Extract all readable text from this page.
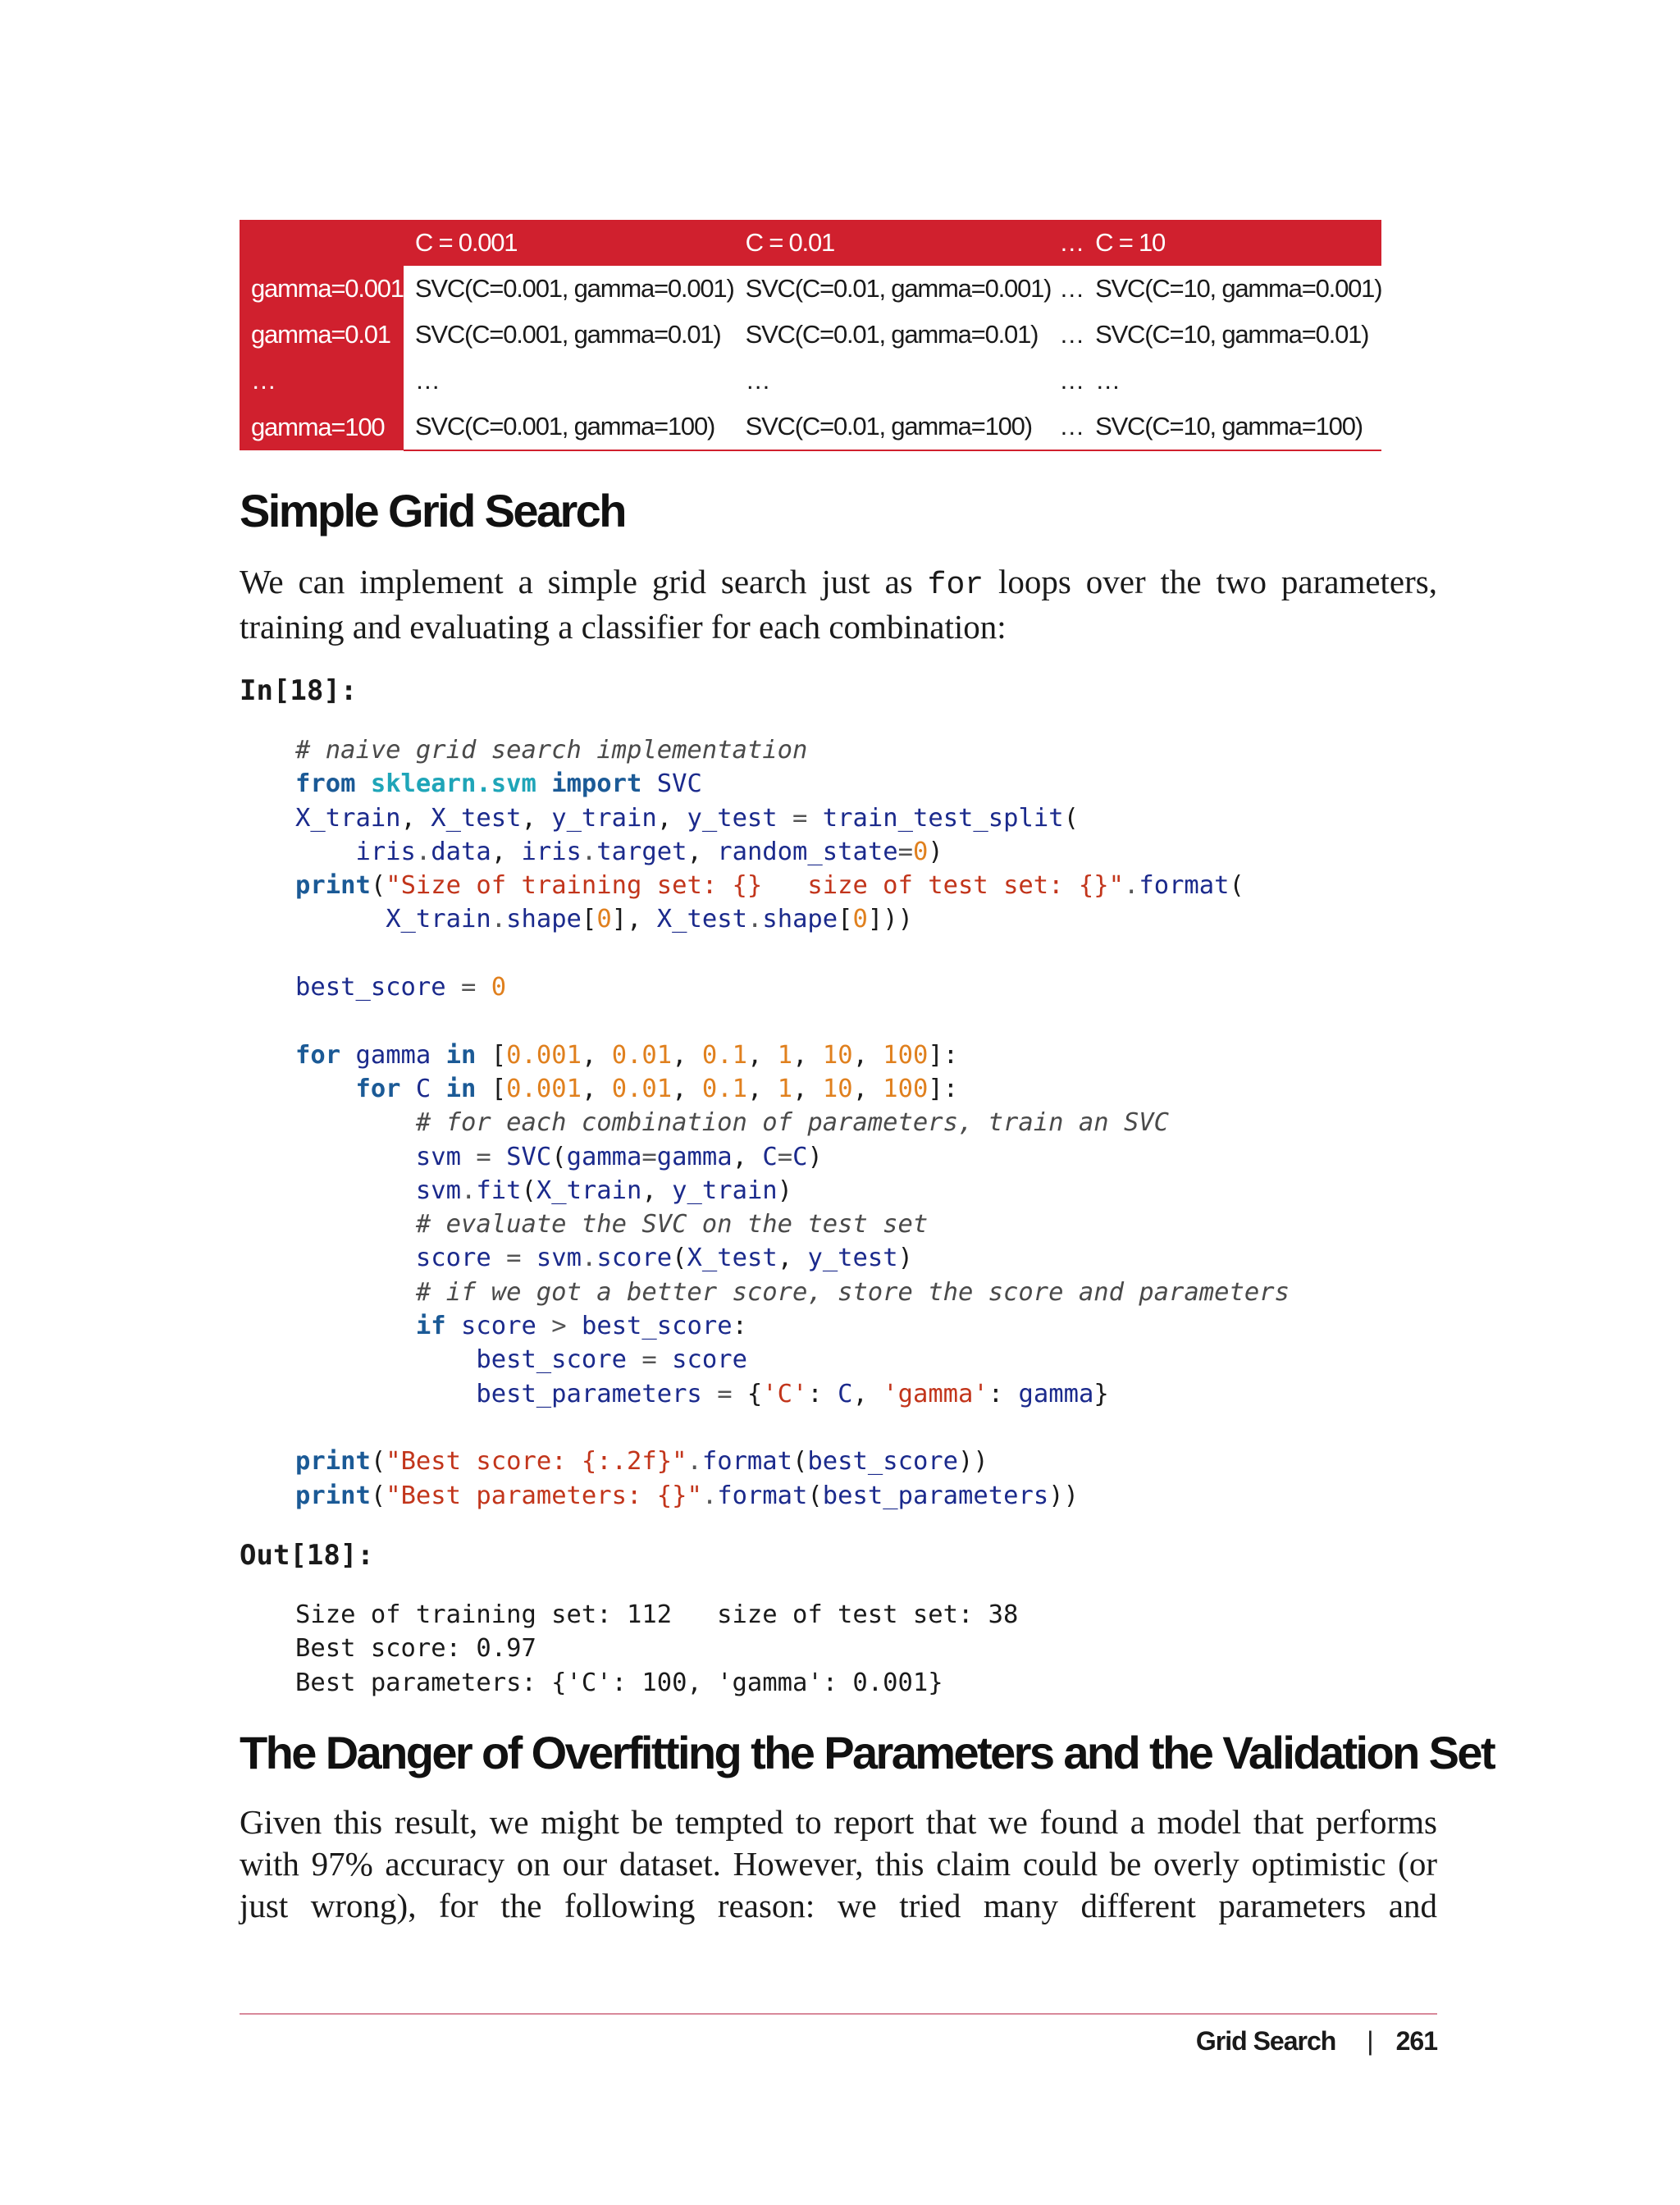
	C = 0.001	C = 0.01	…	C = 10
gamma=0.001	SVC(C=0.001, gamma=0.001)	SVC(C=0.01, gamma=0.001)	…	SVC(C=10, gamma=0.001)
gamma=0.01	SVC(C=0.001, gamma=0.01)	SVC(C=0.01, gamma=0.01)	…	SVC(C=10, gamma=0.01)
…	…	…	…	…
gamma=100	SVC(C=0.001, gamma=100)	SVC(C=0.01, gamma=100)	…	SVC(C=10, gamma=100)
Simple Grid Search
We can implement a simple grid search just as for loops over the two parameters,
training and evaluating a classifier for each combination:
In[18]:
# naive grid search implementation
from sklearn.svm import SVC
X_train, X_test, y_train, y_test = train_test_split(
iris.data, iris.target, random_state=0)
print("Size of training set: {}   size of test set: {}".format(
X_train.shape[0], X_test.shape[0]))

best_score = 0

for gamma in [0.001, 0.01, 0.1, 1, 10, 100]:
for C in [0.001, 0.01, 0.1, 1, 10, 100]:
# for each combination of parameters, train an SVC
svm = SVC(gamma=gamma, C=C)
svm.fit(X_train, y_train)
# evaluate the SVC on the test set
score = svm.score(X_test, y_test)
# if we got a better score, store the score and parameters
if score > best_score:
best_score = score
best_parameters = {'C': C, 'gamma': gamma}

print("Best score: {:.2f}".format(best_score))
print("Best parameters: {}".format(best_parameters))
Out[18]:
Size of training set: 112   size of test set: 38
Best score: 0.97
Best parameters: {'C': 100, 'gamma': 0.001}
The Danger of Overfitting the Parameters and the Validation Set
Given this result, we might be tempted to report that we found a model that performs
with 97% accuracy on our dataset. However, this claim could be overly optimistic (or
just wrong), for the following reason: we tried many different parameters and
Grid Search | 261
